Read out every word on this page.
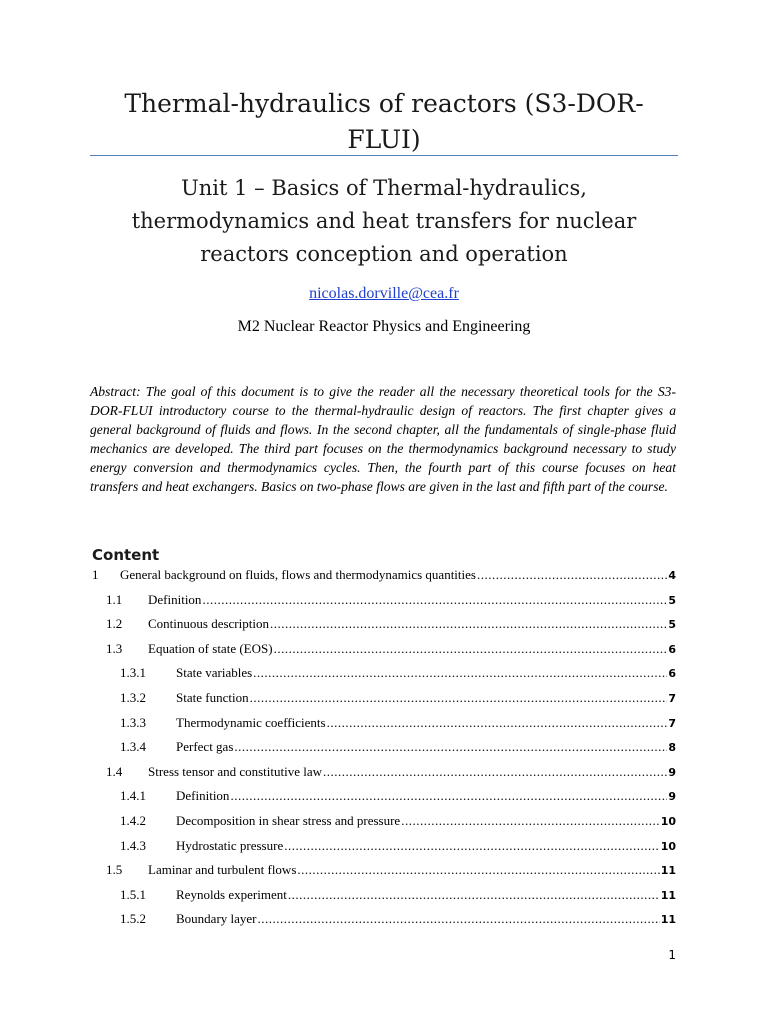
Thermal-hydraulics of reactors (S3-DOR-FLUI)
Unit 1 – Basics of Thermal-hydraulics, thermodynamics and heat transfers for nuclear reactors conception and operation
nicolas.dorville@cea.fr
M2 Nuclear Reactor Physics and Engineering

Abstract: The goal of this document is to give the reader all the necessary theoretical tools for the S3-DOR-FLUI introductory course to the thermal-hydraulic design of reactors. The first chapter gives a general background of fluids and flows. In the second chapter, all the fundamentals of single-phase fluid mechanics are developed. The third part focuses on the thermodynamics background necessary to study energy conversion and thermodynamics cycles. Then, the fourth part of this course focuses on heat transfers and heat exchangers. Basics on two-phase flows are given in the last and fifth part of the course.

Content
1	General background on fluids, flows and thermodynamics quantities .....	4
1.1	Definition .....	5
1.2	Continuous description .....	5
1.3	Equation of state (EOS) .....	6
1.3.1	State variables .....	6
1.3.2	State function .....	7
1.3.3	Thermodynamic coefficients .....	7
1.3.4	Perfect gas .....	8
1.4	Stress tensor and constitutive law .....	9
1.4.1	Definition .....	9
1.4.2	Decomposition in shear stress and pressure .....	10
1.4.3	Hydrostatic pressure .....	10
1.5	Laminar and turbulent flows .....	11
1.5.1	Reynolds experiment .....	11
1.5.2	Boundary layer .....	11
1
